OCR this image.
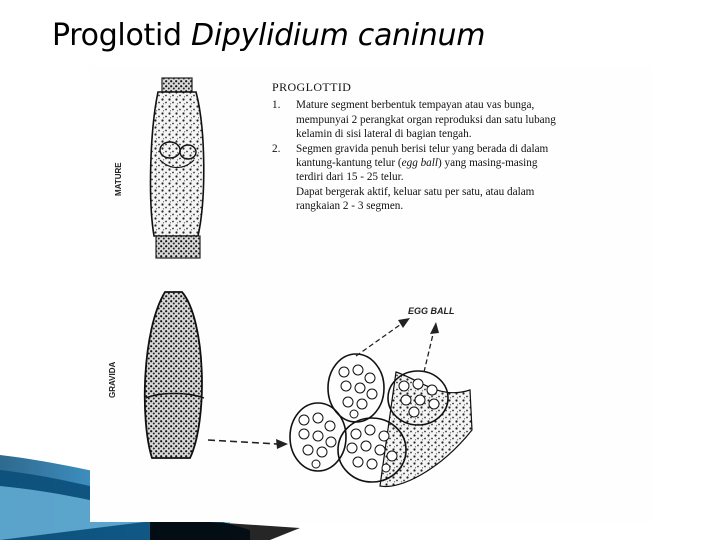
Proglotid Dipylidium caninum
MATURE
GRAVIDA
EGG BALL
PROGLOTTID
1. Mature segment berbentuk tempayan atau vas bunga,
mempunyai 2 perangkat organ reproduksi dan satu lubang
kelamin di sisi lateral di bagian tengah.
2. Segmen gravida penuh berisi telur yang berada di dalam
kantung-kantung telur (egg ball) yang masing-masing
terdiri dari 15 - 25 telur.
Dapat bergerak aktif, keluar satu per satu, atau dalam
rangkaian 2 - 3 segmen.
